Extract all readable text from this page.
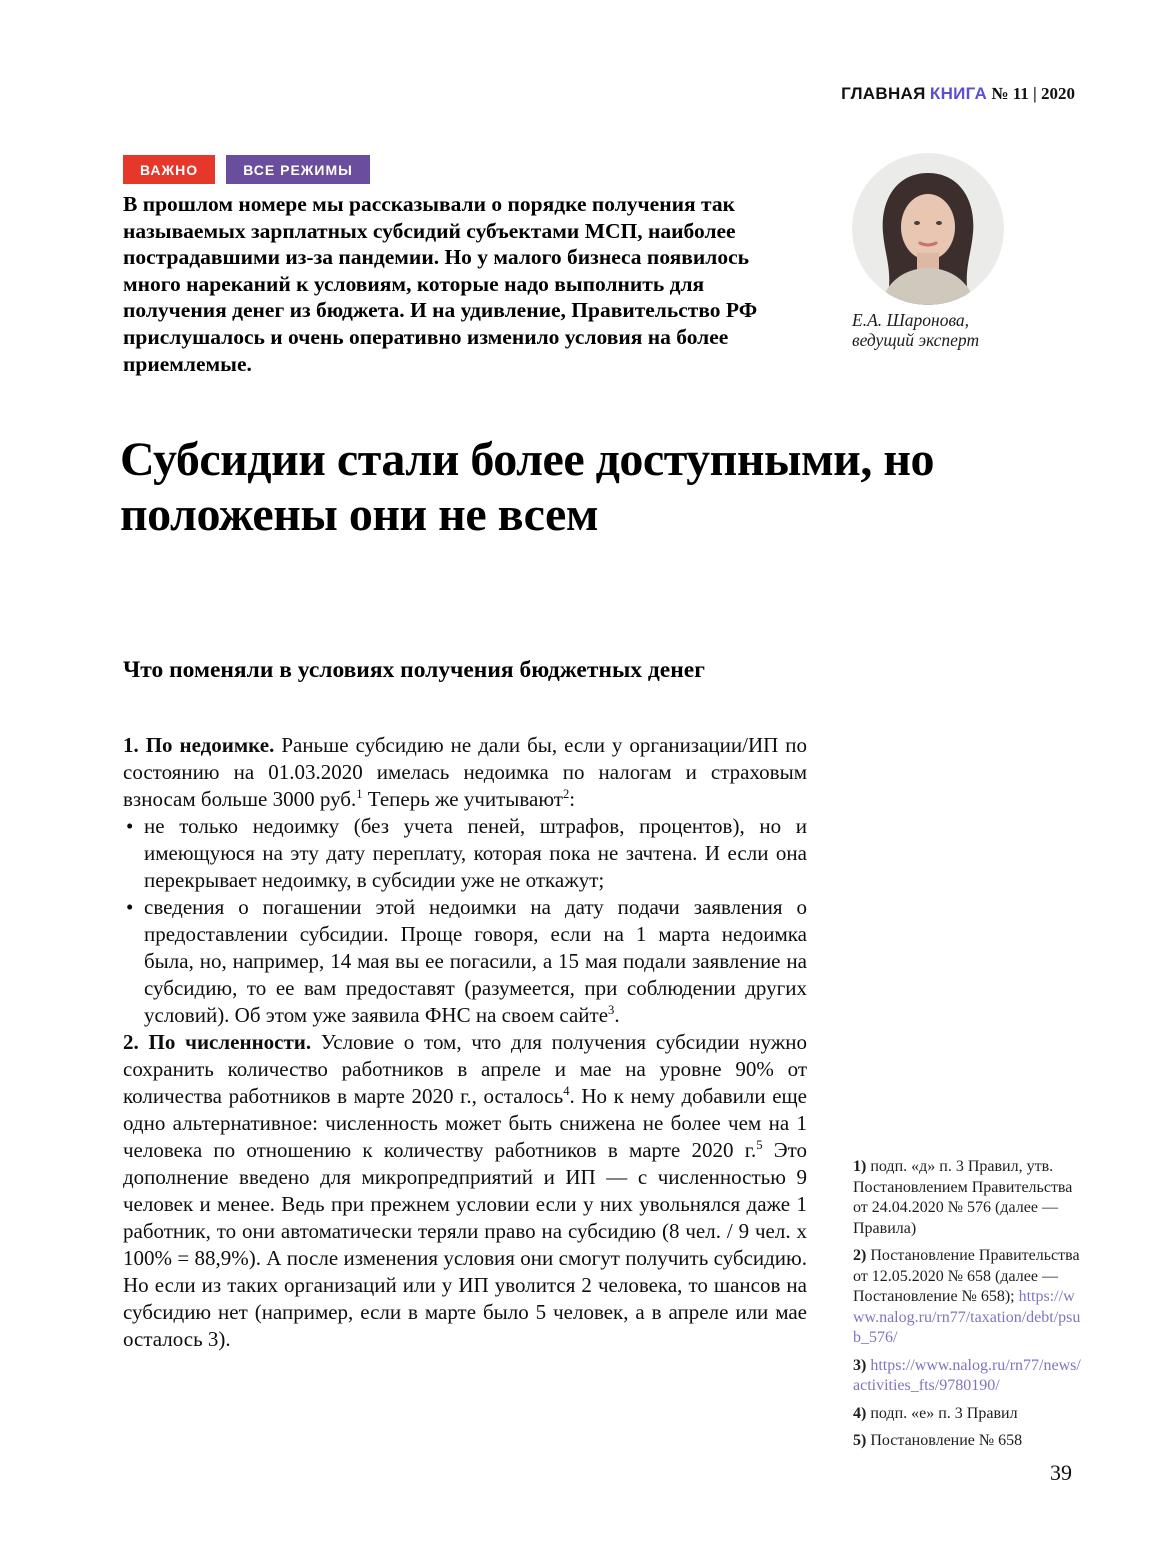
ГЛАВНАЯ КНИГА № 11 | 2020
ВАЖНО	ВСЕ РЕЖИМЫ
В прошлом номере мы рассказывали о порядке получения так называемых зарплатных субсидий субъектами МСП, наиболее пострадавшими из-за пандемии. Но у малого бизнеса появилось много нареканий к условиям, которые надо выполнить для получения денег из бюджета. И на удивление, Правительство РФ прислушалось и очень оперативно изменило условия на более приемлемые.
Е.А. Шаронова,
ведущий эксперт
Субсидии стали более доступными, но положены они не всем
Что поменяли в условиях получения бюджетных денег

1. По недоимке. Раньше субсидию не дали бы, если у организации/ИП по состоянию на 01.03.2020 имелась недоимка по налогам и страховым взносам больше 3000 руб.$^1$ Теперь же учитывают$^2$:

• не только недоимку (без учета пеней, штрафов, процентов), но и имеющуюся на эту дату переплату, которая пока не зачтена. И если она перекрывает недоимку, в субсидии уже не откажут;
• сведения о погашении этой недоимки на дату подачи заявления о предоставлении субсидии. Проще говоря, если на 1 марта недоимка была, но, например, 14 мая вы ее погасили, а 15 мая подали заявление на субсидию, то ее вам предоставят (разумеется, при соблюдении других условий). Об этом уже заявила ФНС на своем сайте$^3$.

2. По численности. Условие о том, что для получения субсидии нужно сохранить количество работников в апреле и мае на уровне 90% от количества работников в марте 2020 г., осталось$^4$. Но к нему добавили еще одно альтернативное: численность может быть снижена не более чем на 1 человека по отношению к количеству работников в марте 2020 г.$^5$ Это дополнение введено для микропредприятий и ИП — с численностью 9 человек и менее. Ведь при прежнем условии если у них увольнялся даже 1 работник, то они автоматически теряли право на субсидию (8 чел. / 9 чел. x 100% = 88,9%). А после изменения условия они смогут получить субсидию. Но если из таких организаций или у ИП уволится 2 человека, то шансов на субсидию нет (например, если в марте было 5 человек, а в апреле или мае осталось 3).

1) подп. «д» п. 3 Правил, утв. Постановлением Правительства от 24.04.2020 № 576 (далее — Правила)
2) Постановление Правительства от 12.05.2020 № 658 (далее — Постановление № 658); https://www.nalog.ru/rn77/taxation/debt/psub_576/
3) https://www.nalog.ru/rn77/news/activities_fts/9780190/
4) подп. «е» п. 3 Правил
5) Постановление № 658
39
